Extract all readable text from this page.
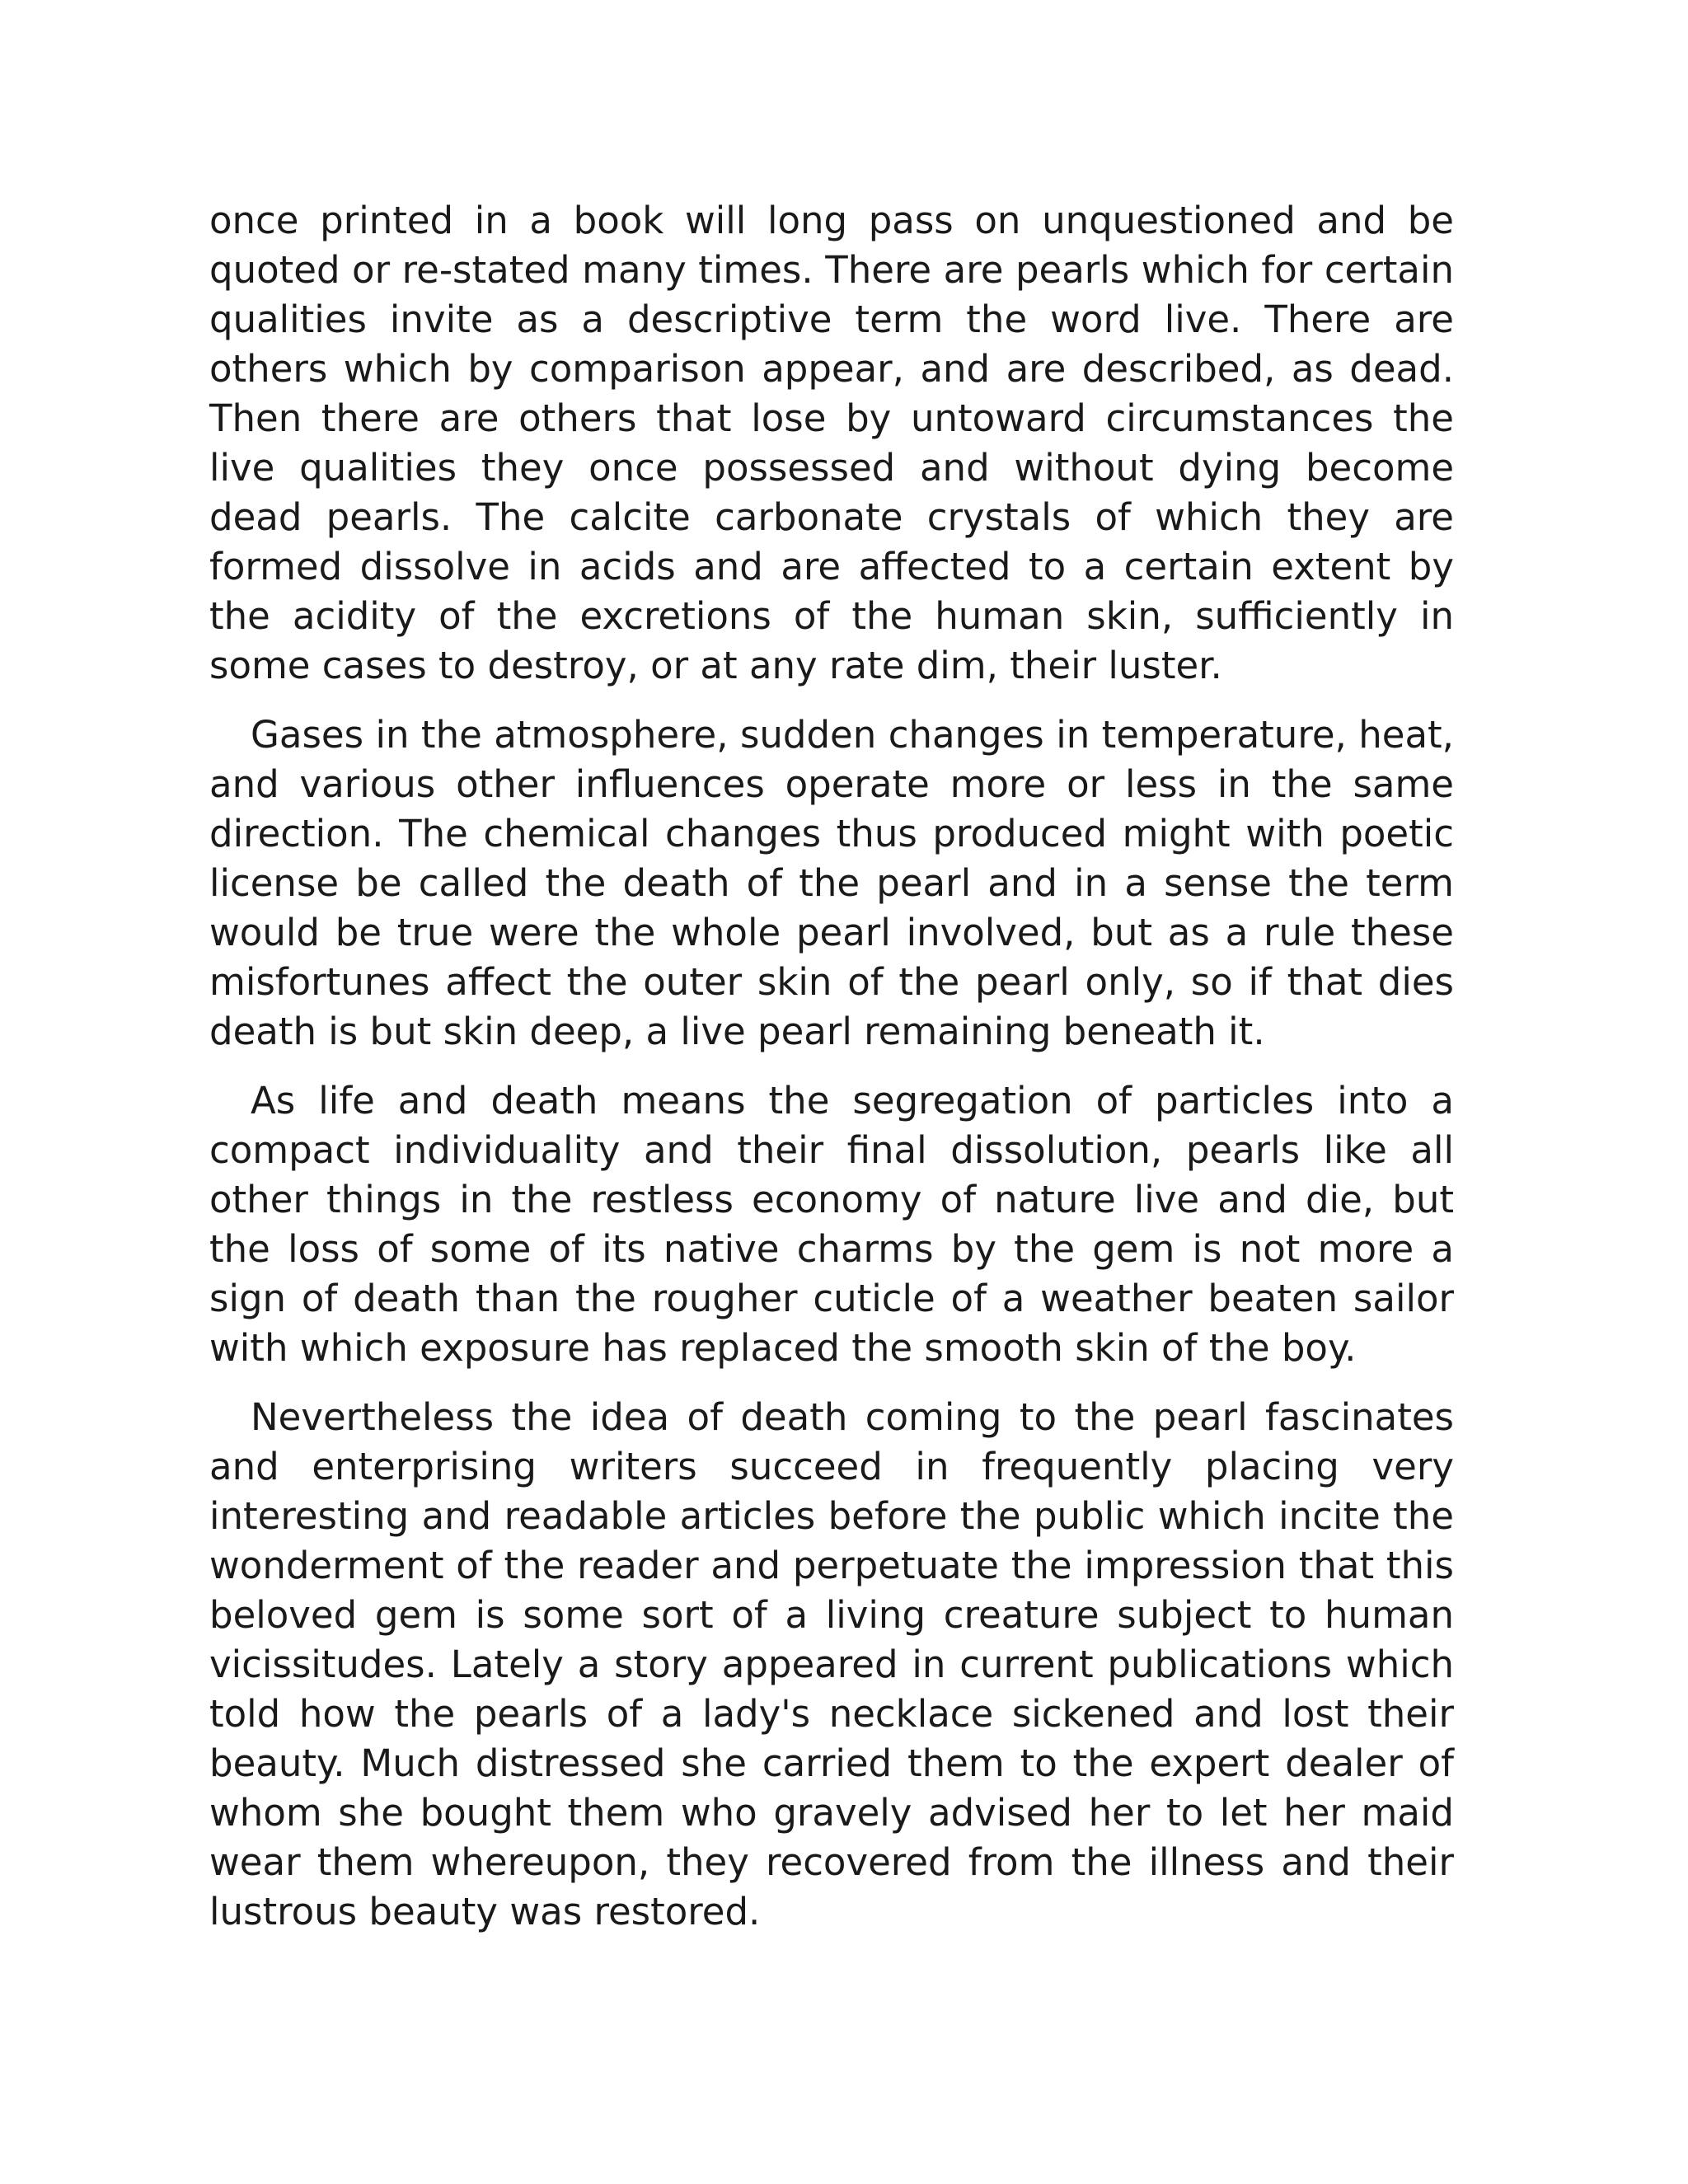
once printed in a book will long pass on unquestioned and be quoted or re-stated many times. There are pearls which for certain qualities invite as a descriptive term the word live. There are others which by comparison appear, and are described, as dead. Then there are others that lose by untoward circumstances the live qualities they once possessed and without dying become dead pearls. The calcite carbonate crystals of which they are formed dissolve in acids and are affected to a certain extent by the acidity of the excretions of the human skin, sufficiently in some cases to destroy, or at any rate dim, their luster.

Gases in the atmosphere, sudden changes in temperature, heat, and various other influences operate more or less in the same direction. The chemical changes thus produced might with poetic license be called the death of the pearl and in a sense the term would be true were the whole pearl involved, but as a rule these misfortunes affect the outer skin of the pearl only, so if that dies death is but skin deep, a live pearl remaining beneath it.

As life and death means the segregation of particles into a compact individuality and their final dissolution, pearls like all other things in the restless economy of nature live and die, but the loss of some of its native charms by the gem is not more a sign of death than the rougher cuticle of a weather beaten sailor with which exposure has replaced the smooth skin of the boy.

Nevertheless the idea of death coming to the pearl fascinates and enterprising writers succeed in frequently placing very interesting and readable articles before the public which incite the wonderment of the reader and perpetuate the impression that this beloved gem is some sort of a living creature subject to human vicissitudes. Lately a story appeared in current publications which told how the pearls of a lady's necklace sickened and lost their beauty. Much distressed she carried them to the expert dealer of whom she bought them who gravely advised her to let her maid wear them whereupon, they recovered from the illness and their lustrous beauty was restored.
